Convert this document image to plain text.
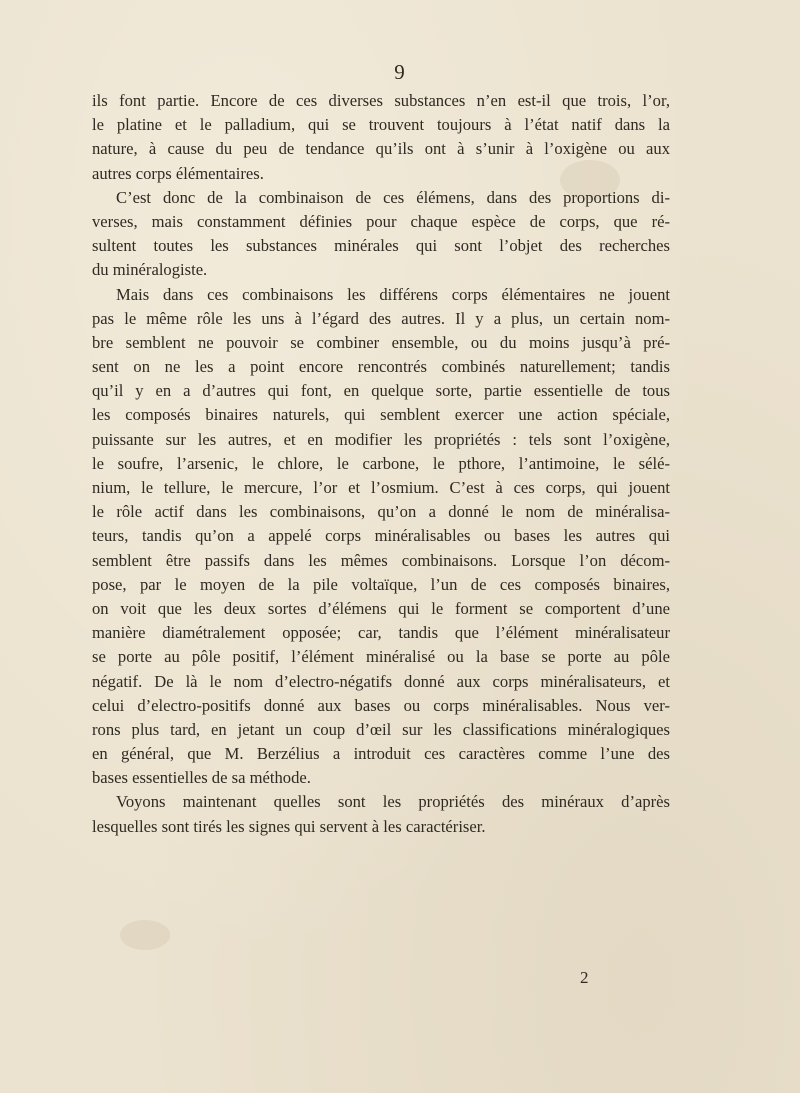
9
ils font partie. Encore de ces diverses substances n’en est-il que trois, l’or,
le platine et le palladium, qui se trouvent toujours à l’état natif dans la
nature, à cause du peu de tendance qu’ils ont à s’unir à l’oxigène ou aux
autres corps élémentaires.
C’est donc de la combinaison de ces élémens, dans des proportions di-
verses, mais constamment définies pour chaque espèce de corps, que ré-
sultent toutes les substances minérales qui sont l’objet des recherches
du minéralogiste.
Mais dans ces combinaisons les différens corps élémentaires ne jouent
pas le même rôle les uns à l’égard des autres. Il y a plus, un certain nom-
bre semblent ne pouvoir se combiner ensemble, ou du moins jusqu’à pré-
sent on ne les a point encore rencontrés combinés naturellement; tandis
qu’il y en a d’autres qui font, en quelque sorte, partie essentielle de tous
les composés binaires naturels, qui semblent exercer une action spéciale,
puissante sur les autres, et en modifier les propriétés : tels sont l’oxigène,
le soufre, l’arsenic, le chlore, le carbone, le pthore, l’antimoine, le sélé-
nium, le tellure, le mercure, l’or et l’osmium. C’est à ces corps, qui jouent
le rôle actif dans les combinaisons, qu’on a donné le nom de minéralisa-
teurs, tandis qu’on a appelé corps minéralisables ou bases les autres qui
semblent être passifs dans les mêmes combinaisons. Lorsque l’on décom-
pose, par le moyen de la pile voltaïque, l’un de ces composés binaires,
on voit que les deux sortes d’élémens qui le forment se comportent d’une
manière diamétralement opposée; car, tandis que l’élément minéralisateur
se porte au pôle positif, l’élément minéralisé ou la base se porte au pôle
négatif. De là le nom d’electro-négatifs donné aux corps minéralisateurs, et
celui d’electro-positifs donné aux bases ou corps minéralisables. Nous ver-
rons plus tard, en jetant un coup d’œil sur les classifications minéralogiques
en général, que M. Berzélius a introduit ces caractères comme l’une des
bases essentielles de sa méthode.
Voyons maintenant quelles sont les propriétés des minéraux d’après
lesquelles sont tirés les signes qui servent à les caractériser.
2
